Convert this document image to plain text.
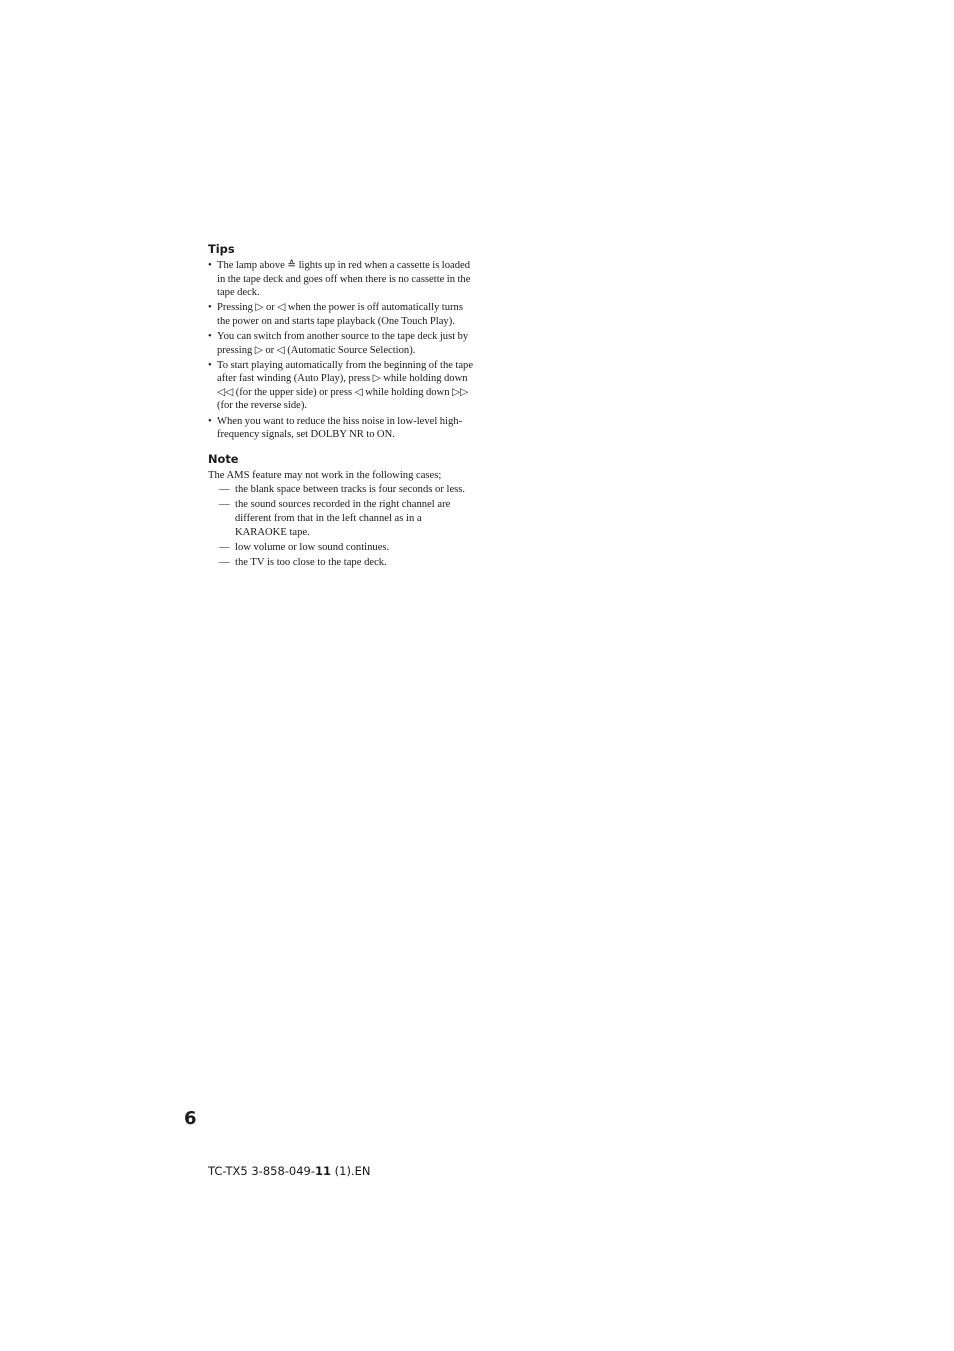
Tips
• The lamp above ≙ lights up in red when a cassette is loaded in the tape deck and goes off when there is no cassette in the tape deck.
• Pressing ▷ or ◁ when the power is off automatically turns the power on and starts tape playback (One Touch Play).
• You can switch from another source to the tape deck just by pressing ▷ or ◁ (Automatic Source Selection).
• To start playing automatically from the beginning of the tape after fast winding (Auto Play), press ▷ while holding down ◁◁ (for the upper side) or press ◁ while holding down ▷▷ (for the reverse side).
• When you want to reduce the hiss noise in low-level high-frequency signals, set DOLBY NR to ON.
Note

The AMS feature may not work in the following cases;

— the blank space between tracks is four seconds or less.
— the sound sources recorded in the right channel are different from that in the left channel as in a KARAOKE tape.
— low volume or low sound continues.
— the TV is too close to the tape deck.
6
TC-TX5 3-858-049-11 (1).EN
